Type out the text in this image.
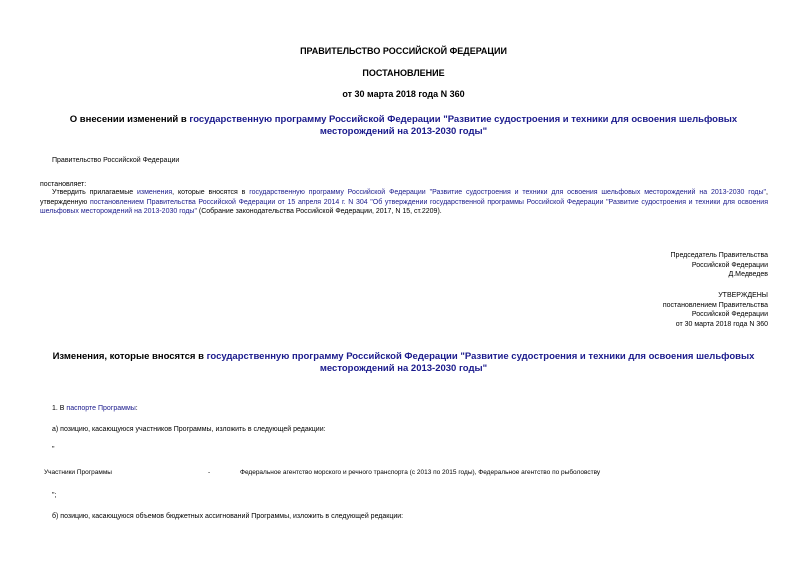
ПРАВИТЕЛЬСТВО РОССИЙСКОЙ ФЕДЕРАЦИИ
ПОСТАНОВЛЕНИЕ
от 30 марта 2018 года N 360
О внесении изменений в государственную программу Российской Федерации "Развитие судостроения и техники для освоения шельфовых месторождений на 2013-2030 годы"
Правительство Российской Федерации
постановляет:
Утвердить прилагаемые изменения, которые вносятся в государственную программу Российской Федерации "Развитие судостроения и техники для освоения шельфовых месторождений на 2013-2030 годы", утвержденную постановлением Правительства Российской Федерации от 15 апреля 2014 г. N 304 "Об утверждении государственной программы Российской Федерации "Развитие судостроения и техники для освоения шельфовых месторождений на 2013-2030 годы" (Собрание законодательства Российской Федерации, 2017, N 15, ст.2209).
Председатель Правительства
Российской Федерации
Д.Медведев
УТВЕРЖДЕНЫ
постановлением Правительства
Российской Федерации
от 30 марта 2018 года N 360
Изменения, которые вносятся в государственную программу Российской Федерации "Развитие судостроения и техники для освоения шельфовых месторождений на 2013-2030 годы"
1. В паспорте Программы:
а) позицию, касающуюся участников Программы, изложить в следующей редакции:
"
Участники Программы	-	Федеральное агентство морского и речного транспорта (с 2013 по 2015 годы), Федеральное агентство по рыболовству
";
б) позицию, касающуюся объемов бюджетных ассигнований Программы, изложить в следующей редакции:
